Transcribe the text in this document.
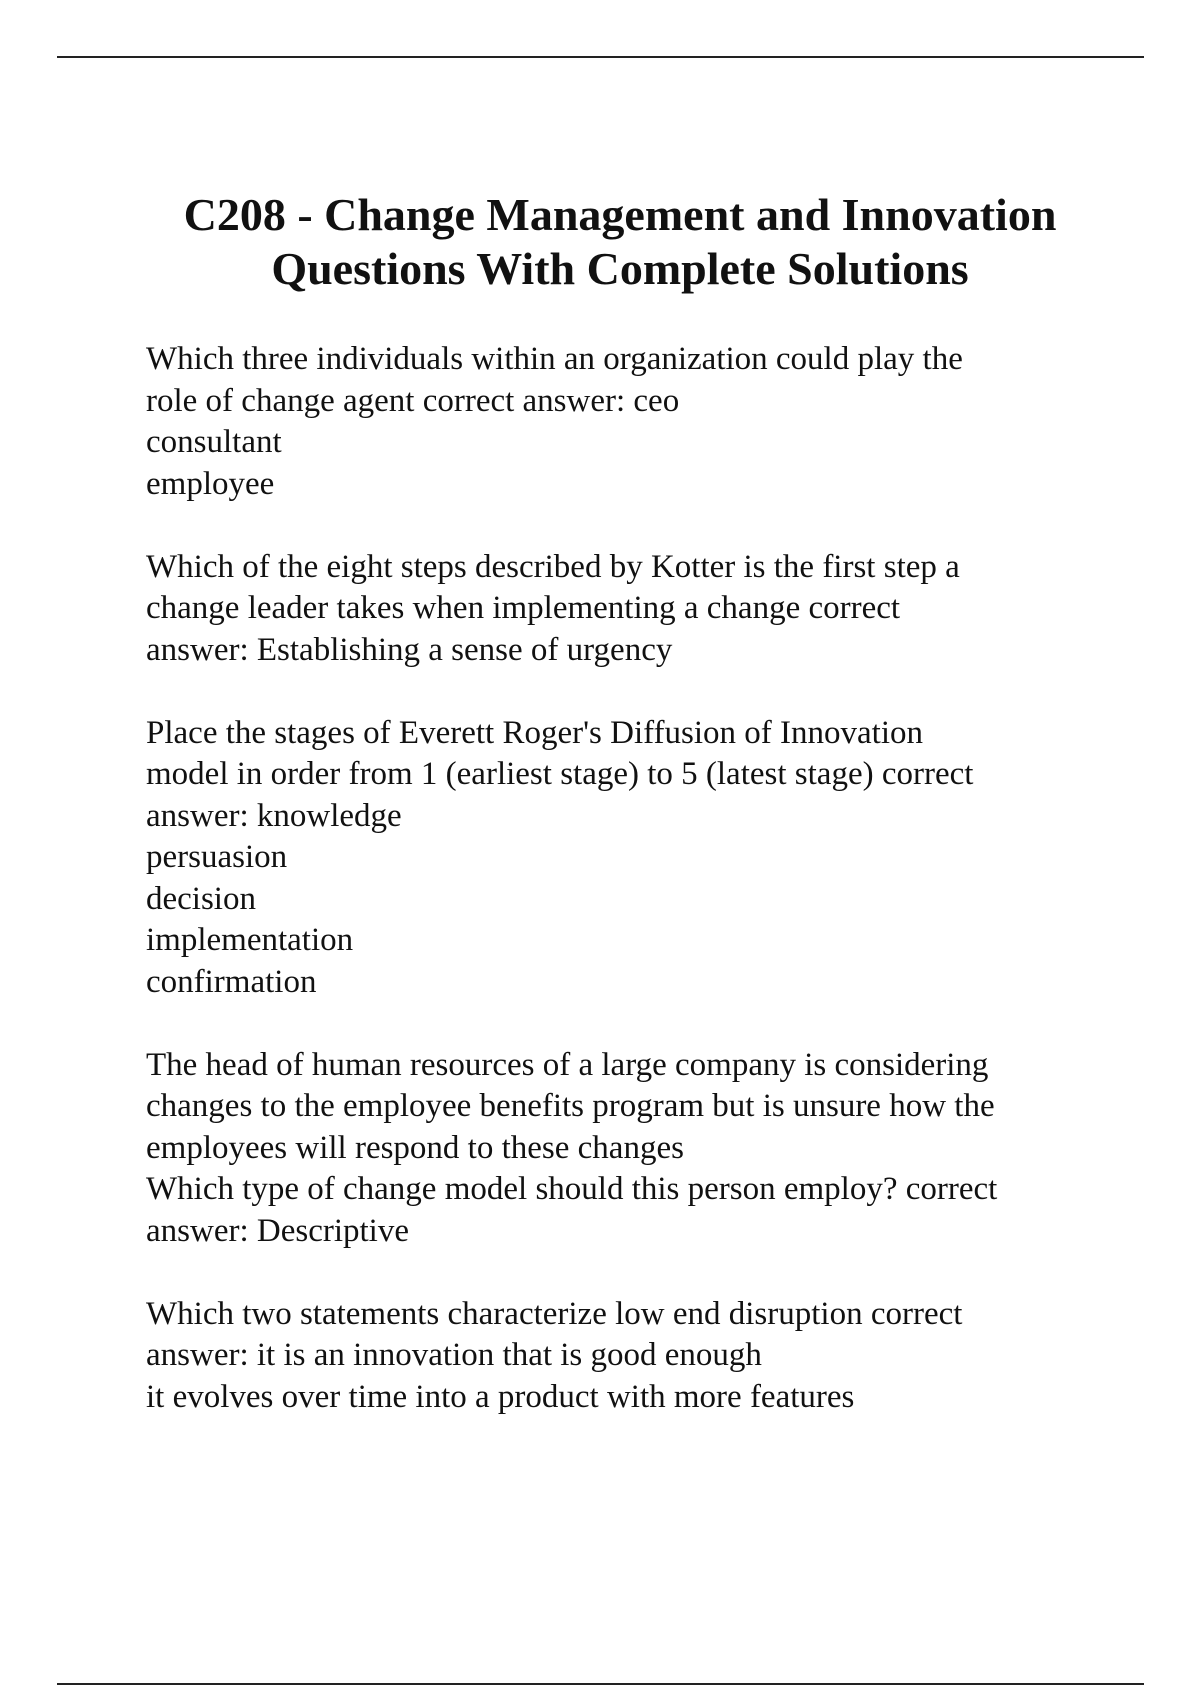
C208 - Change Management and Innovation
Questions With Complete Solutions
Which three individuals within an organization could play the
role of change agent correct answer: ceo
consultant
employee
Which of the eight steps described by Kotter is the first step a
change leader takes when implementing a change correct
answer: Establishing a sense of urgency
Place the stages of Everett Roger's Diffusion of Innovation
model in order from 1 (earliest stage) to 5 (latest stage) correct
answer: knowledge
persuasion
decision
implementation
confirmation
The head of human resources of a large company is considering
changes to the employee benefits program but is unsure how the
employees will respond to these changes
Which type of change model should this person employ? correct
answer: Descriptive
Which two statements characterize low end disruption correct
answer: it is an innovation that is good enough
it evolves over time into a product with more features
